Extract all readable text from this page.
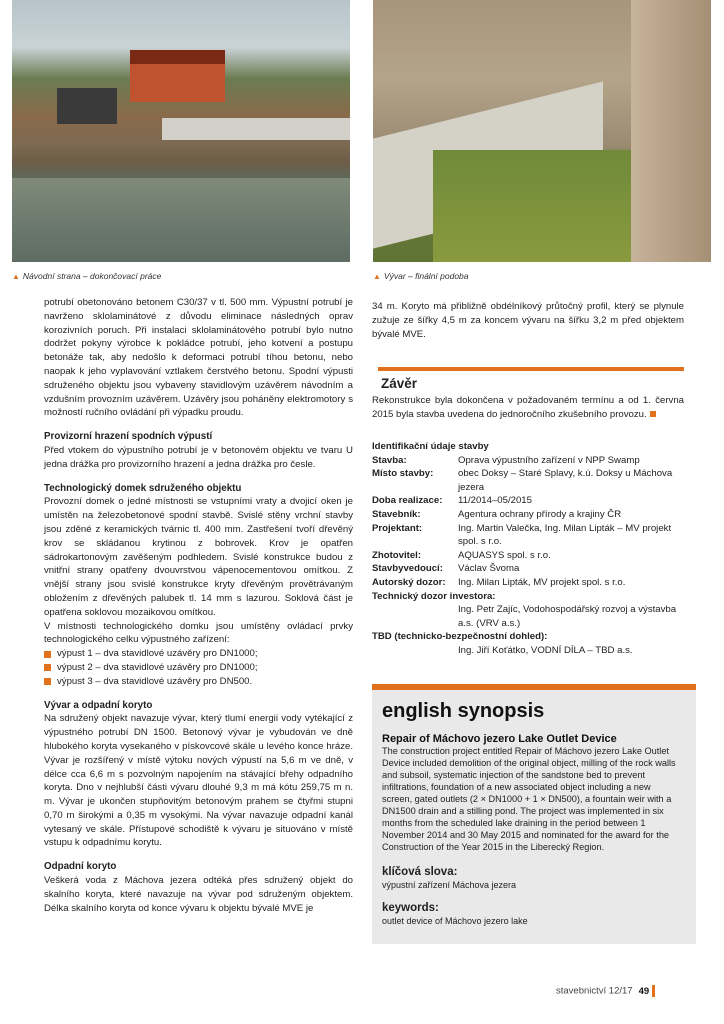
▲ Návodní strana – dokončovací práce	▲ Vývar – finální podoba

potrubí obetonováno betonem C30/37 v tl. 500 mm. Výpustní potrubí je navrženo sklolaminátové z důvodu eliminace následných oprav korozivních poruch. Při instalaci sklolaminátového potrubí bylo nutno dodržet pokyny výrobce k pokládce potrubí, jeho kotvení a postupu betonáže tak, aby nedošlo k deformaci potrubí tíhou betonu, nebo naopak k jeho vyplavování vztlakem čerstvého betonu. Spodní výpusti sdruženého objektu jsou vybaveny stavidlovým uzávěrem návodním a vzdušním provozním uzávěrem. Uzávěry jsou poháněny elektromotory s možností ručního ovládání při výpadku proudu.

Provizorní hrazení spodních výpustí

Před vtokem do výpustního potrubí je v betonovém objektu ve tvaru U jedna drážka pro provizorního hrazení a jedna drážka pro česle.

Technologický domek sdruženého objektu

Provozní domek o jedné místnosti se vstupními vraty a dvojicí oken je umístěn na železobetonové spodní stavbě. Svislé stěny vrchní stavby jsou zděné z keramických tvárnic tl. 400 mm. Zastřešení tvoří dřevěný krov se skládanou krytinou z bobrovek. Krov je opatřen sádrokartonovým zavěšeným podhledem. Svislé konstrukce budou z vnitřní strany opatřeny dvouvrstvou vápenocementovou omítkou. Z vnější strany jsou svislé konstrukce kryty dřevěným provětrávaným obložením z dřevěných palubek tl. 14 mm s lazurou. Soklová část je opatřena soklovou mozaikovou omítkou.

V místnosti technologického domku jsou umístěny ovládací prvky technologického celku výpustného zařízení:

výpust 1 – dva stavidlové uzávěry pro DN1000;
výpust 2 – dva stavidlové uzávěry pro DN1000;
výpust 3 – dva stavidlové uzávěry pro DN500.
Vývar a odpadní koryto

Na sdružený objekt navazuje vývar, který tlumí energii vody vytékající z výpustného potrubí DN 1500. Betonový vývar je vybudován ve dně hlubokého koryta vysekaného v pískovcové skále u levého konce hráze. Vývar je rozšířený v místě výtoku nových výpustí na 5,6 m ve dně, v délce cca 6,6 m s pozvolným napojením na stávající břehy odpadního koryta. Dno v nejhlubší části vývaru dlouhé 9,3 m má kótu 259,75 m n. m. Vývar je ukončen stupňovitým betonovým prahem se čtyřmi stupni 0,70 m širokými a 0,35 m vysokými. Na vývar navazuje odpadní kanál vytesaný ve skále. Přístupové schodiště k vývaru je situováno v místě vstupu k odpadnímu korytu.

Odpadní koryto

Veškerá voda z Máchova jezera odtéká přes sdružený objekt do skalního koryta, které navazuje na vývar pod sdruženým objektem. Délka skalního koryta od konce vývaru k objektu bývalé MVE je

34 m. Koryto má přibližně obdélníkový průtočný profil, který se plynule zužuje ze šířky 4,5 m za koncem vývaru na šířku 3,2 m před objektem bývalé MVE.

Závěr
Rekonstrukce byla dokončena v požadovaném termínu a od 1. června 2015 byla stavba uvedena do jednoročního zkušebního provozu.
Identifikační údaje stavby
Stavba:	Oprava výpustního zařízení v NPP Swamp
Místo stavby:	obec Doksy – Staré Splavy, k.ú. Doksy u Máchova jezera
Doba realizace:	11/2014–05/2015
Stavebník:	Agentura ochrany přírody a krajiny ČR
Projektant:	Ing. Martin Valečka, Ing. Milan Lipták – MV projekt spol. s r.o.
Zhotovitel:	AQUASYS spol. s r.o.
Stavbyvedoucí:	Václav Švoma
Autorský dozor:	Ing. Milan Lipták, MV projekt spol. s r.o.
Technický dozor investora:
Ing. Petr Zajíc, Vodohospodářský rozvoj a výstavba a.s. (VRV a.s.)
TBD (technicko-bezpečnostní dohled):
Ing. Jiří Koťátko, VODNÍ DÍLA – TBD a.s.
english synopsis
Repair of Máchovo jezero Lake Outlet Device
The construction project entitled Repair of Máchovo jezero Lake Outlet Device included demolition of the original object, milling of the rock walls and subsoil, systematic injection of the sandstone bed to prevent infiltrations, foundation of a new associated object including a new screen, gated outlets (2 × DN1000 + 1 × DN500), a fountain weir with a DN1500 drain and a stilling pond. The project was implemented in six months from the scheduled lake draining in the period between 1 November 2014 and 30 May 2015 and nominated for the award for the Construction of the Year 2015 in the Liberecký Region.
klíčová slova:
výpustní zařízení Máchova jezera
keywords:
outlet device of Máchovo jezero lake
stavebnictví 12/17 49
